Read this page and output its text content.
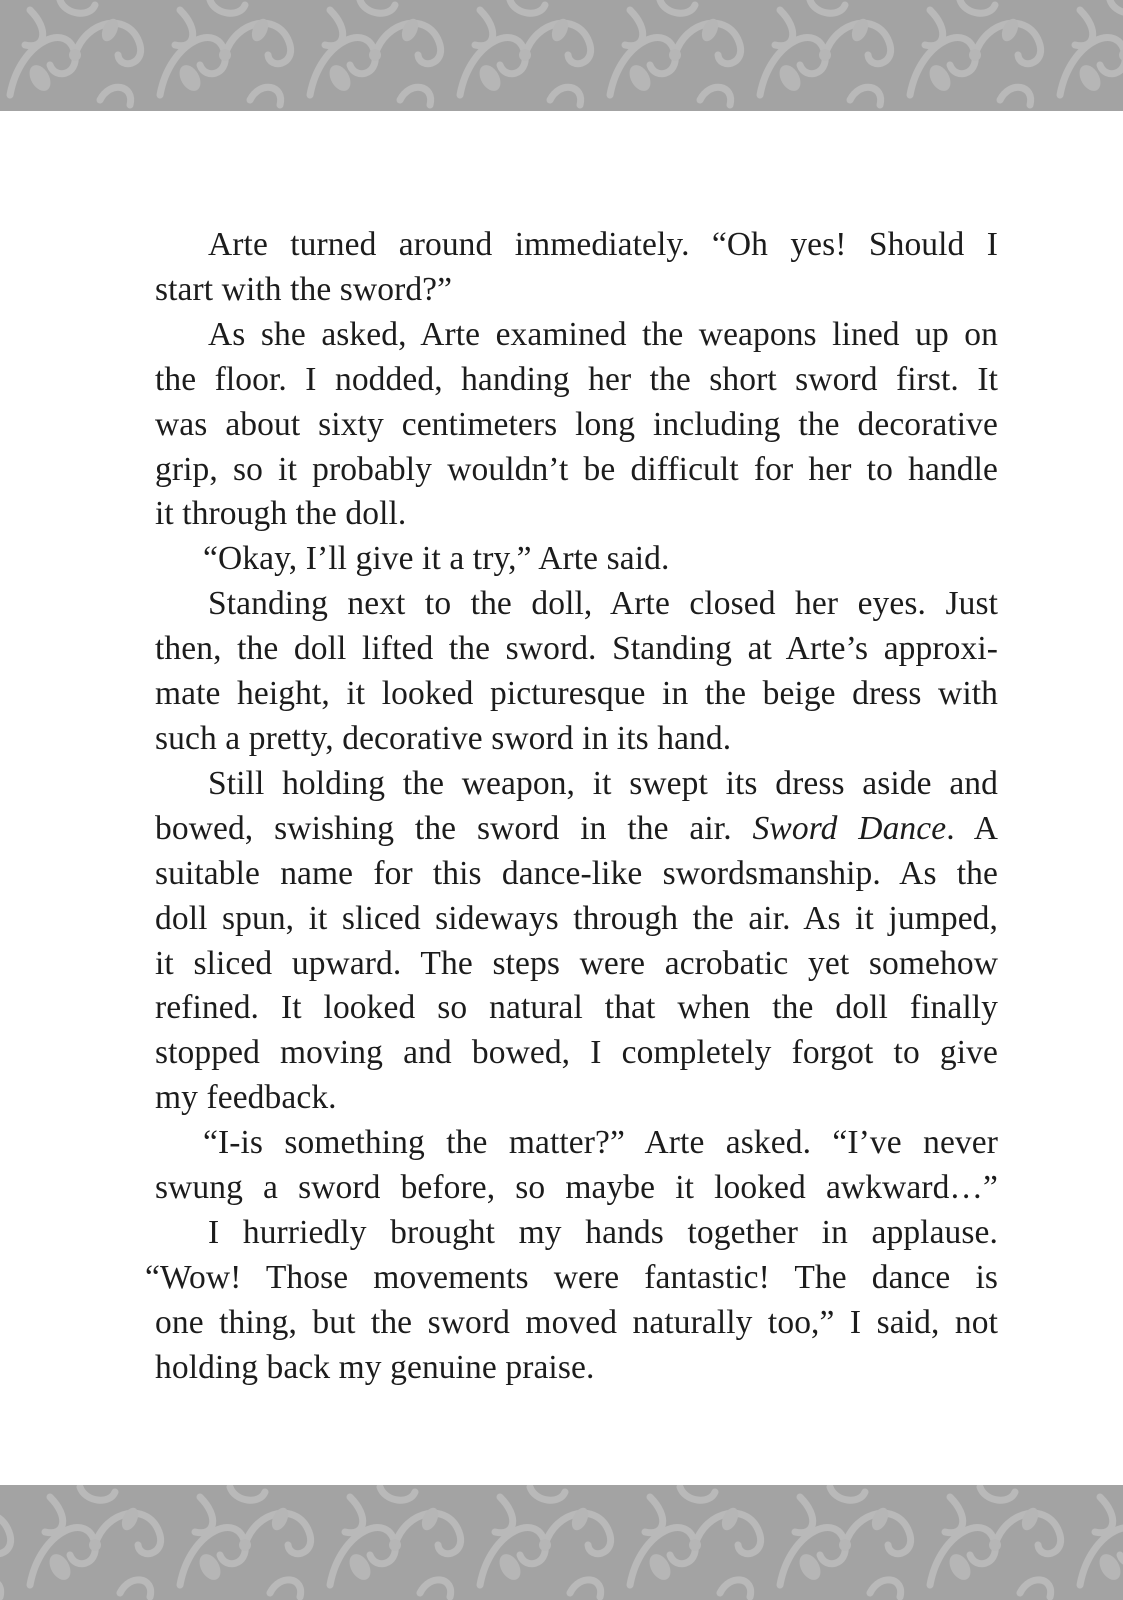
Arte turned around immediately. “Oh yes! Should I
start with the sword?”

As she asked, Arte examined the weapons lined up on
the floor. I nodded, handing her the short sword first. It
was about sixty centimeters long including the decorative
grip, so it probably wouldn’t be difficult for her to handle
it through the doll.

“Okay, I’ll give it a try,” Arte said.

Standing next to the doll, Arte closed her eyes. Just
then, the doll lifted the sword. Standing at Arte’s approxi-
mate height, it looked picturesque in the beige dress with
such a pretty, decorative sword in its hand.

Still holding the weapon, it swept its dress aside and
bowed, swishing the sword in the air. Sword Dance. A
suitable name for this dance-like swordsmanship. As the
doll spun, it sliced sideways through the air. As it jumped,
it sliced upward. The steps were acrobatic yet somehow
refined. It looked so natural that when the doll finally
stopped moving and bowed, I completely forgot to give
my feedback.

“I-is something the matter?” Arte asked. “I’ve never
swung a sword before, so maybe it looked awkward…”

I hurriedly brought my hands together in applause.
“Wow! Those movements were fantastic! The dance is
one thing, but the sword moved naturally too,” I said, not
holding back my genuine praise.
